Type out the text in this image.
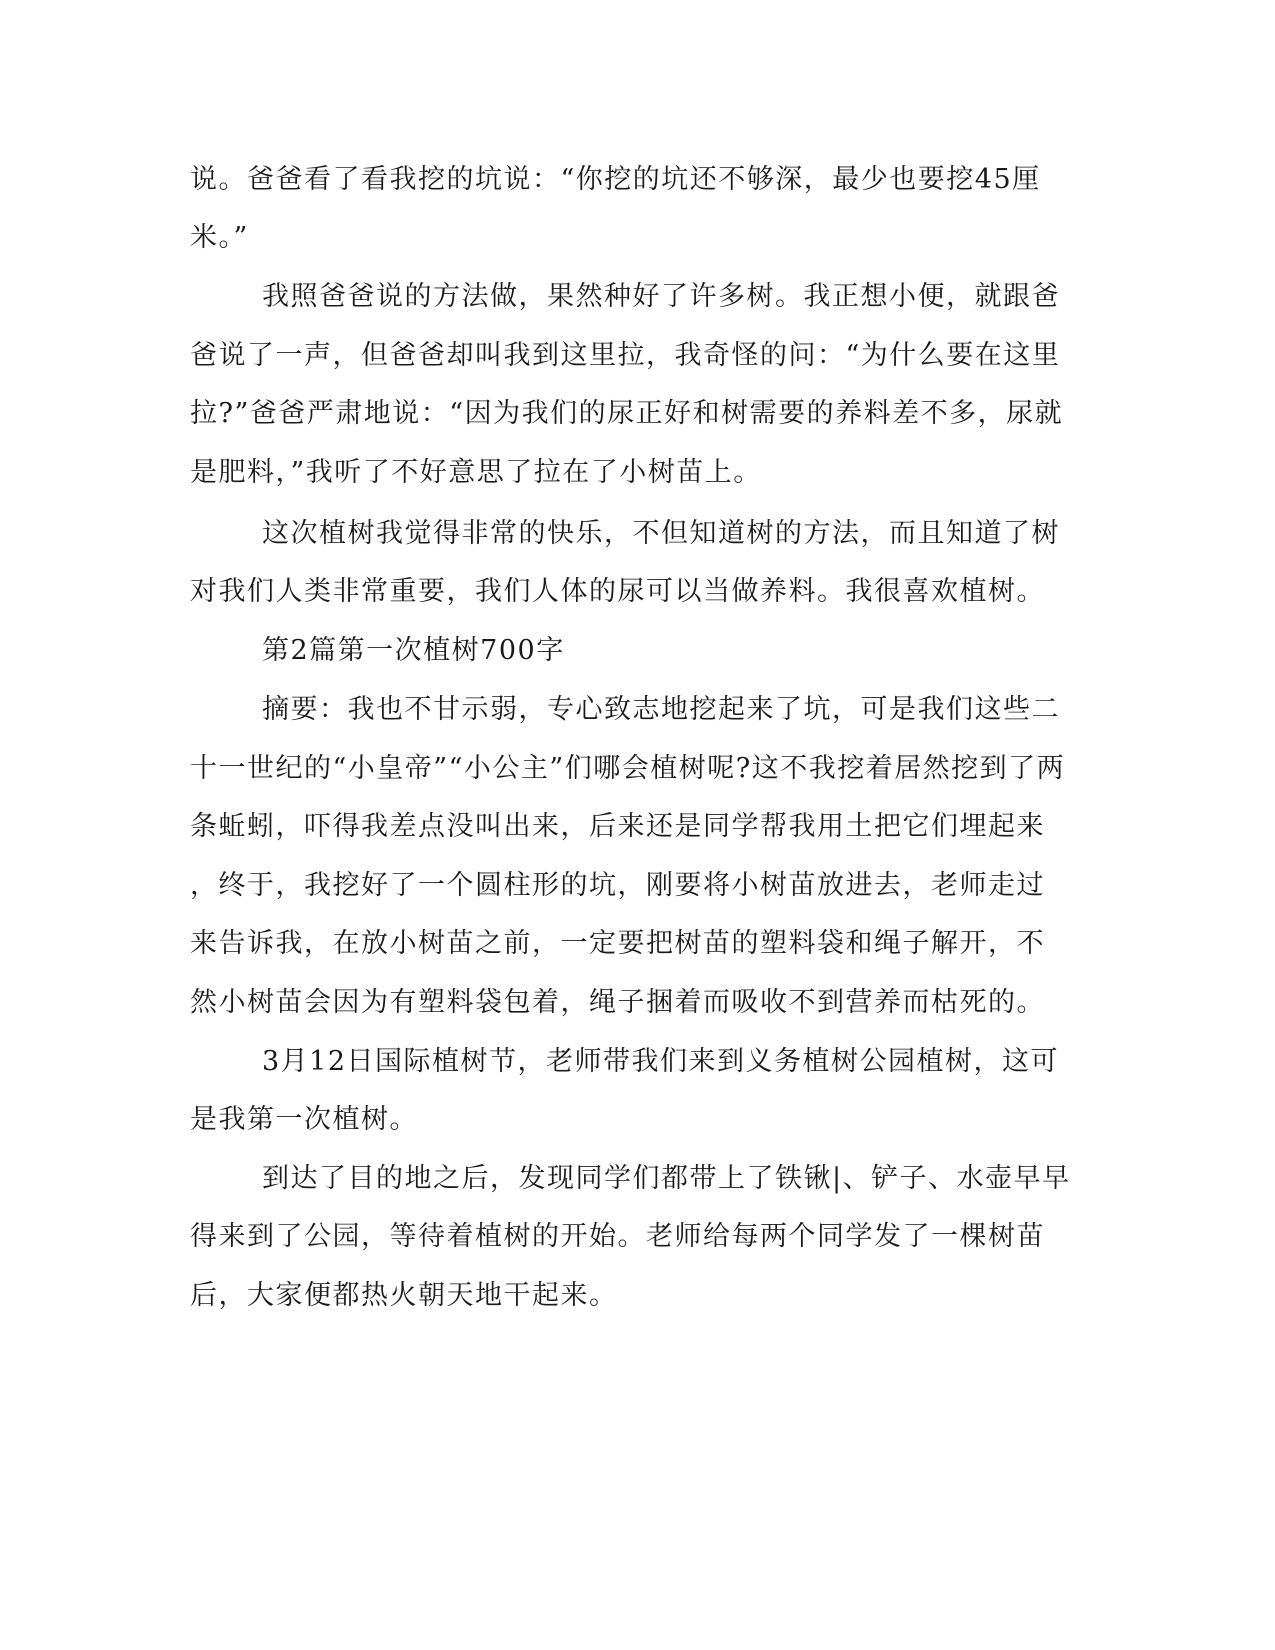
说。爸爸看了看我挖的坑说：“你挖的坑还不够深，最少也要挖45厘
米。”
我照爸爸说的方法做，果然种好了许多树。我正想小便，就跟爸
爸说了一声，但爸爸却叫我到这里拉，我奇怪的问：“为什么要在这里
拉?”爸爸严肃地说：“因为我们的尿正好和树需要的养料差不多，尿就
是肥料，”我听了不好意思了拉在了小树苗上。
这次植树我觉得非常的快乐，不但知道树的方法，而且知道了树
对我们人类非常重要，我们人体的尿可以当做养料。我很喜欢植树。
第2篇第一次植树700字
摘要：我也不甘示弱，专心致志地挖起来了坑，可是我们这些二
十一世纪的“小皇帝”“小公主”们哪会植树呢?这不我挖着居然挖到了两
条蚯蚓，吓得我差点没叫出来，后来还是同学帮我用土把它们埋起来
，终于，我挖好了一个圆柱形的坑，刚要将小树苗放进去，老师走过
来告诉我，在放小树苗之前，一定要把树苗的塑料袋和绳子解开，不
然小树苗会因为有塑料袋包着，绳子捆着而吸收不到营养而枯死的。
3月12日国际植树节，老师带我们来到义务植树公园植树，这可
是我第一次植树。
到达了目的地之后，发现同学们都带上了铁锹|、铲子、水壶早早
得来到了公园，等待着植树的开始。老师给每两个同学发了一棵树苗
后，大家便都热火朝天地干起来。
